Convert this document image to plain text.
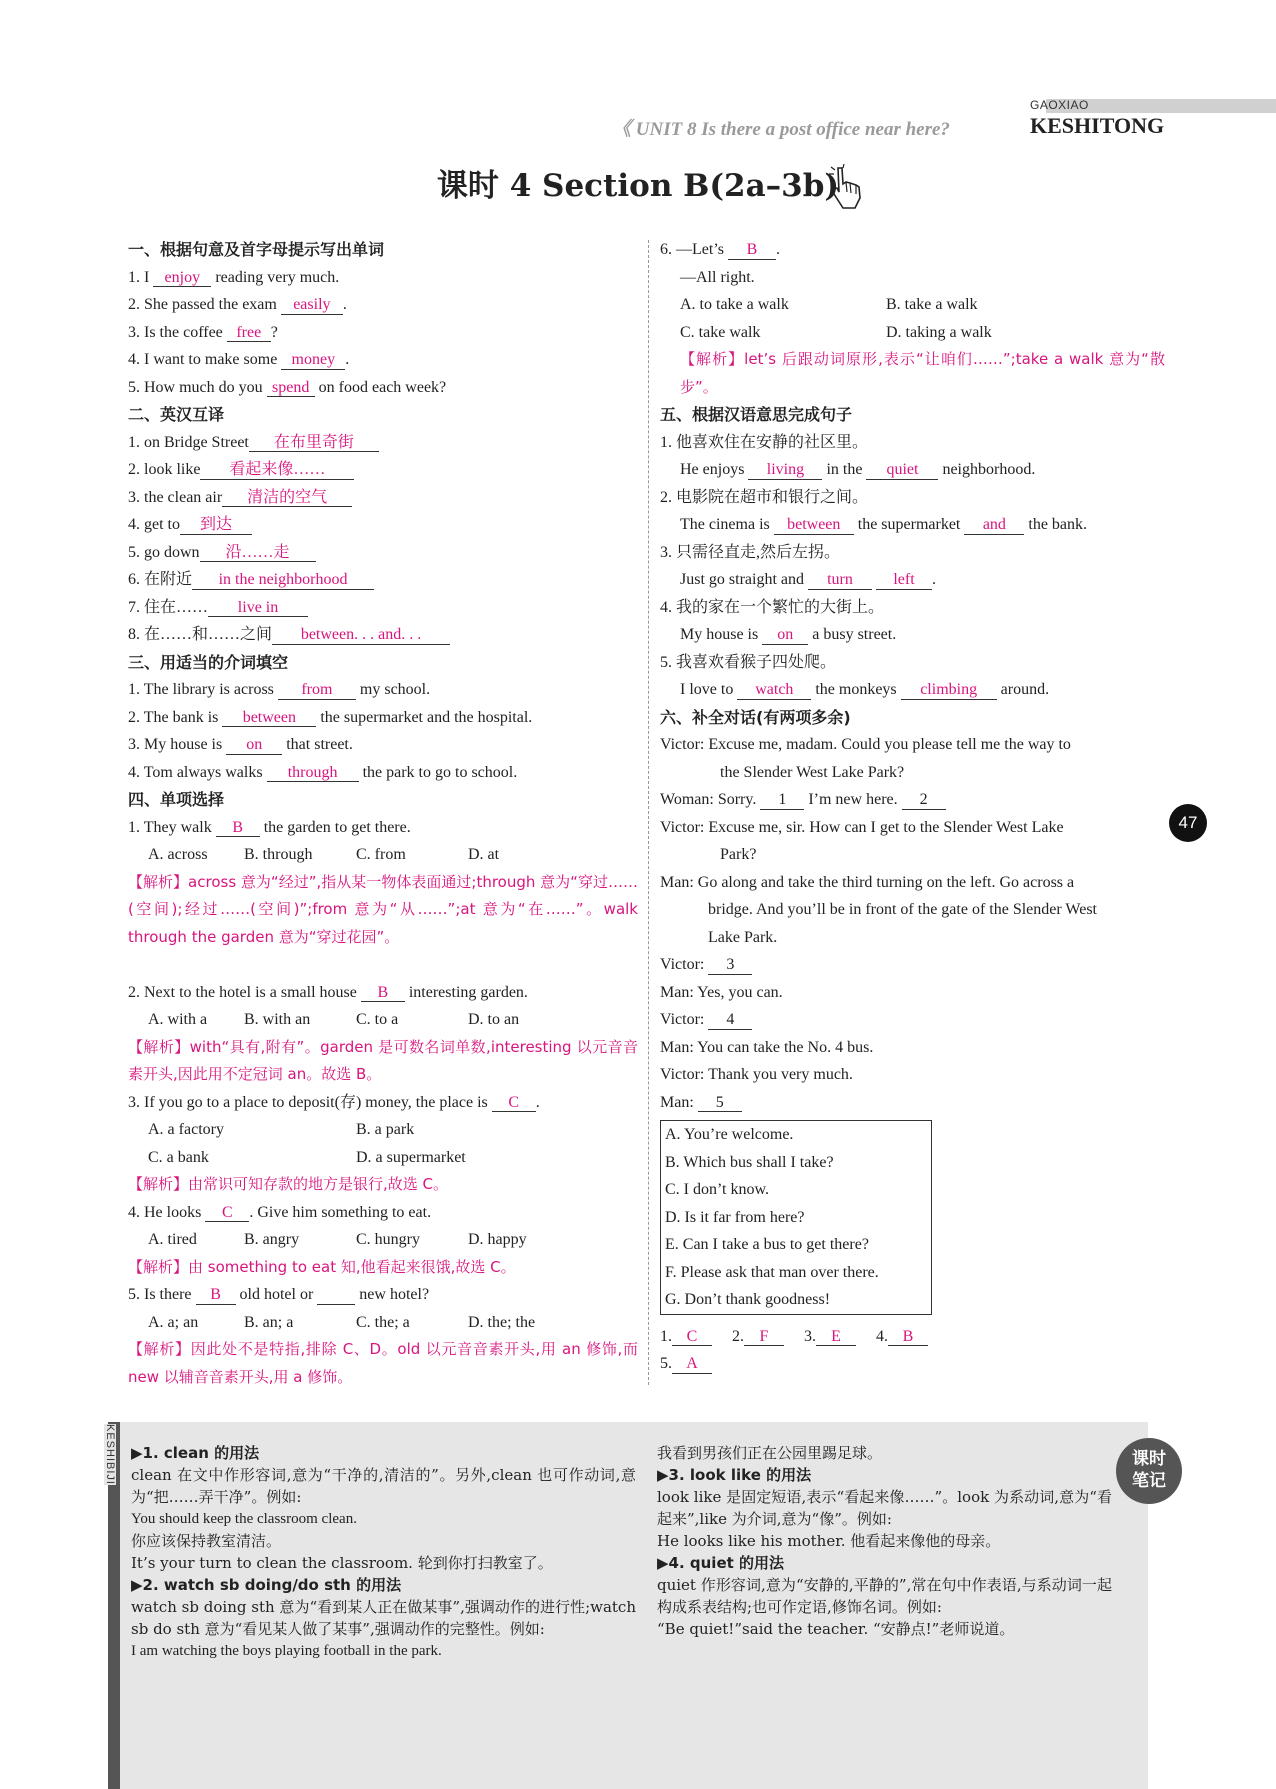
GAOXIAO
《 UNIT 8 Is there a post office near here?	KESHITONG
课时 4 Section B(2a–3b)
一、根据句意及首字母提示写出单词
1. I enjoy reading very much.
2. She passed the exam easily .
3. Is the coffee free ?
4. I want to make some money .
5. How much do you spend on food each week?
二、英汉互译
1. on Bridge Street 在布里奇街
2. look like 看起来像……
3. the clean air 清洁的空气
4. get to 到达
5. go down 沿……走
6. 在附近 in the neighborhood
7. 住在…… live in
8. 在……和……之间 between. . . and. . .
三、用适当的介词填空
1. The library is across from my school.
2. The bank is between the supermarket and the hospital.
3. My house is on that street.
4. Tom always walks through the park to go to school.
四、单项选择
1. They walk B the garden to get there.
A. across	B. through	C. from	D. at
【解析】across 意为“经过”,指从某一物体表面通过;through 意为“穿过……(空间);经过……(空间)”;from 意为“从……”;at 意为“在……”。walk through the garden 意为“穿过花园”。
2. Next to the hotel is a small house B interesting garden.
A. with a	B. with an	C. to a	D. to an
【解析】with“具有,附有”。garden 是可数名词单数,interesting 以元音音素开头,因此用不定冠词 an。故选 B。
3. If you go to a place to deposit(存) money, the place is C .
A. a factory	B. a park
C. a bank	D. a supermarket
【解析】由常识可知存款的地方是银行,故选 C。
4. He looks C . Give him something to eat.
A. tired	B. angry	C. hungry	D. happy
【解析】由 something to eat 知,他看起来很饿,故选 C。
5. Is there B old hotel or   new hotel?
A. a; an	B. an; a	C. the; a	D. the; the
【解析】因此处不是特指,排除 C、D。old 以元音音素开头,用 an 修饰,而 new 以辅音音素开头,用 a 修饰。
6. —Let’s B .
—All right.
A. to take a walk	B. take a walk
C. take walk	D. taking a walk
【解析】let’s 后跟动词原形,表示“让咱们……”;take a walk 意为“散步”。
五、根据汉语意思完成句子
1. 他喜欢住在安静的社区里。
He enjoys living in the quiet neighborhood.
2. 电影院在超市和银行之间。
The cinema is between the supermarket and the bank.
3. 只需径直走,然后左拐。
Just go straight and turn	left .
4. 我的家在一个繁忙的大街上。
My house is on a busy street.
5. 我喜欢看猴子四处爬。
I love to watch the monkeys climbing around.
六、补全对话(有两项多余)
Victor: Excuse me, madam. Could you please tell me the way to
the Slender West Lake Park?
Woman: Sorry. 1 I’m new here. 2
Victor: Excuse me, sir. How can I get to the Slender West Lake
Park?
Man: Go along and take the third turning on the left. Go across a
bridge. And you’ll be in front of the gate of the Slender West
Lake Park.
Victor: 3
Man: Yes, you can.
Victor: 4
Man: You can take the No. 4 bus.
Victor: Thank you very much.
Man: 5
A. You’re welcome.
B. Which bus shall I take?
C. I don’t know.
D. Is it far from here?
E. Can I take a bus to get there?
F. Please ask that man over there.
G. Don’t thank goodness!
1. C 2. F 3. E 4. B
5. A
47
KESHIBIJI ▶1. clean 的用法

clean 在文中作形容词,意为“干净的,清洁的”。另外,clean 也可作动词,意为“把……弄干净”。例如:

You should keep the classroom clean.

你应该保持教室清洁。

It’s your turn to clean the classroom. 轮到你打扫教室了。

▶2. watch sb doing/do sth 的用法

watch sb doing sth 意为“看到某人正在做某事”,强调动作的进行性;watch sb do sth 意为“看见某人做了某事”,强调动作的完整性。例如:

I am watching the boys playing football in the park.

我看到男孩们正在公园里踢足球。

▶3. look like 的用法

look like 是固定短语,表示“看起来像……”。look 为系动词,意为“看起来”,like 为介词,意为“像”。例如:

He looks like his mother. 他看起来像他的母亲。

▶4. quiet 的用法

quiet 作形容词,意为“安静的,平静的”,常在句中作表语,与系动词一起构成系表结构;也可作定语,修饰名词。例如:

“Be quiet!”said the teacher. “安静点!”老师说道。

课时
笔记
